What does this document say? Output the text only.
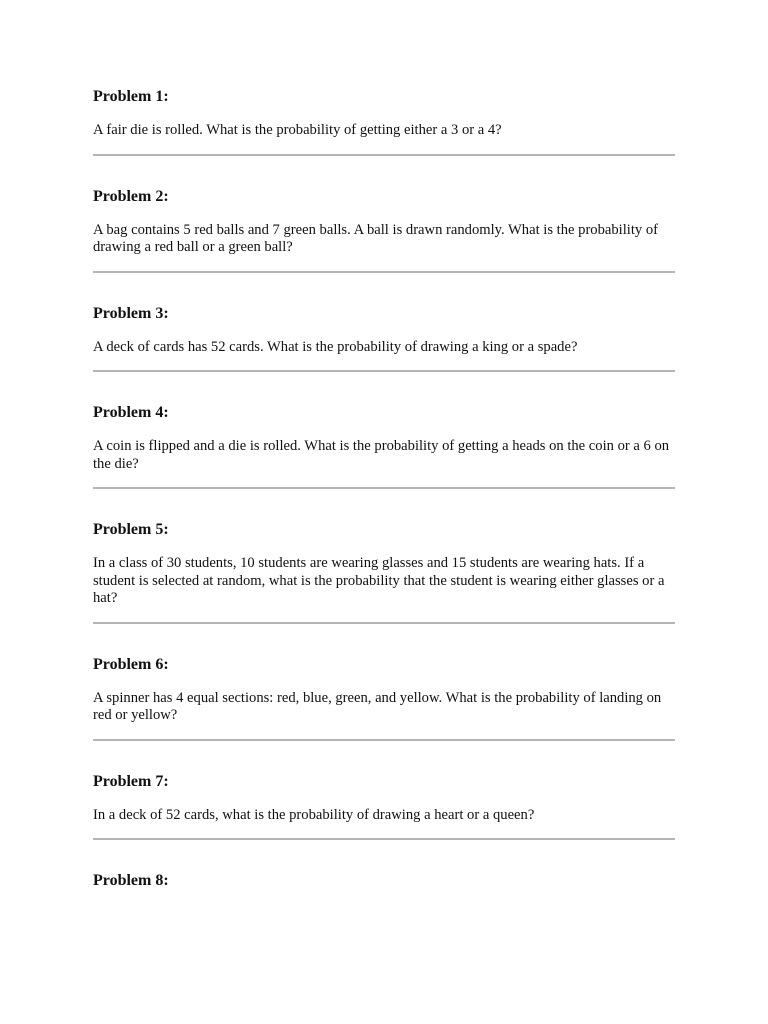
Problem 1:
A fair die is rolled. What is the probability of getting either a 3 or a 4?
Problem 2:
A bag contains 5 red balls and 7 green balls. A ball is drawn randomly. What is the probability of drawing a red ball or a green ball?
Problem 3:
A deck of cards has 52 cards. What is the probability of drawing a king or a spade?
Problem 4:
A coin is flipped and a die is rolled. What is the probability of getting a heads on the coin or a 6 on the die?
Problem 5:
In a class of 30 students, 10 students are wearing glasses and 15 students are wearing hats. If a student is selected at random, what is the probability that the student is wearing either glasses or a hat?
Problem 6:
A spinner has 4 equal sections: red, blue, green, and yellow. What is the probability of landing on red or yellow?
Problem 7:
In a deck of 52 cards, what is the probability of drawing a heart or a queen?
Problem 8:
